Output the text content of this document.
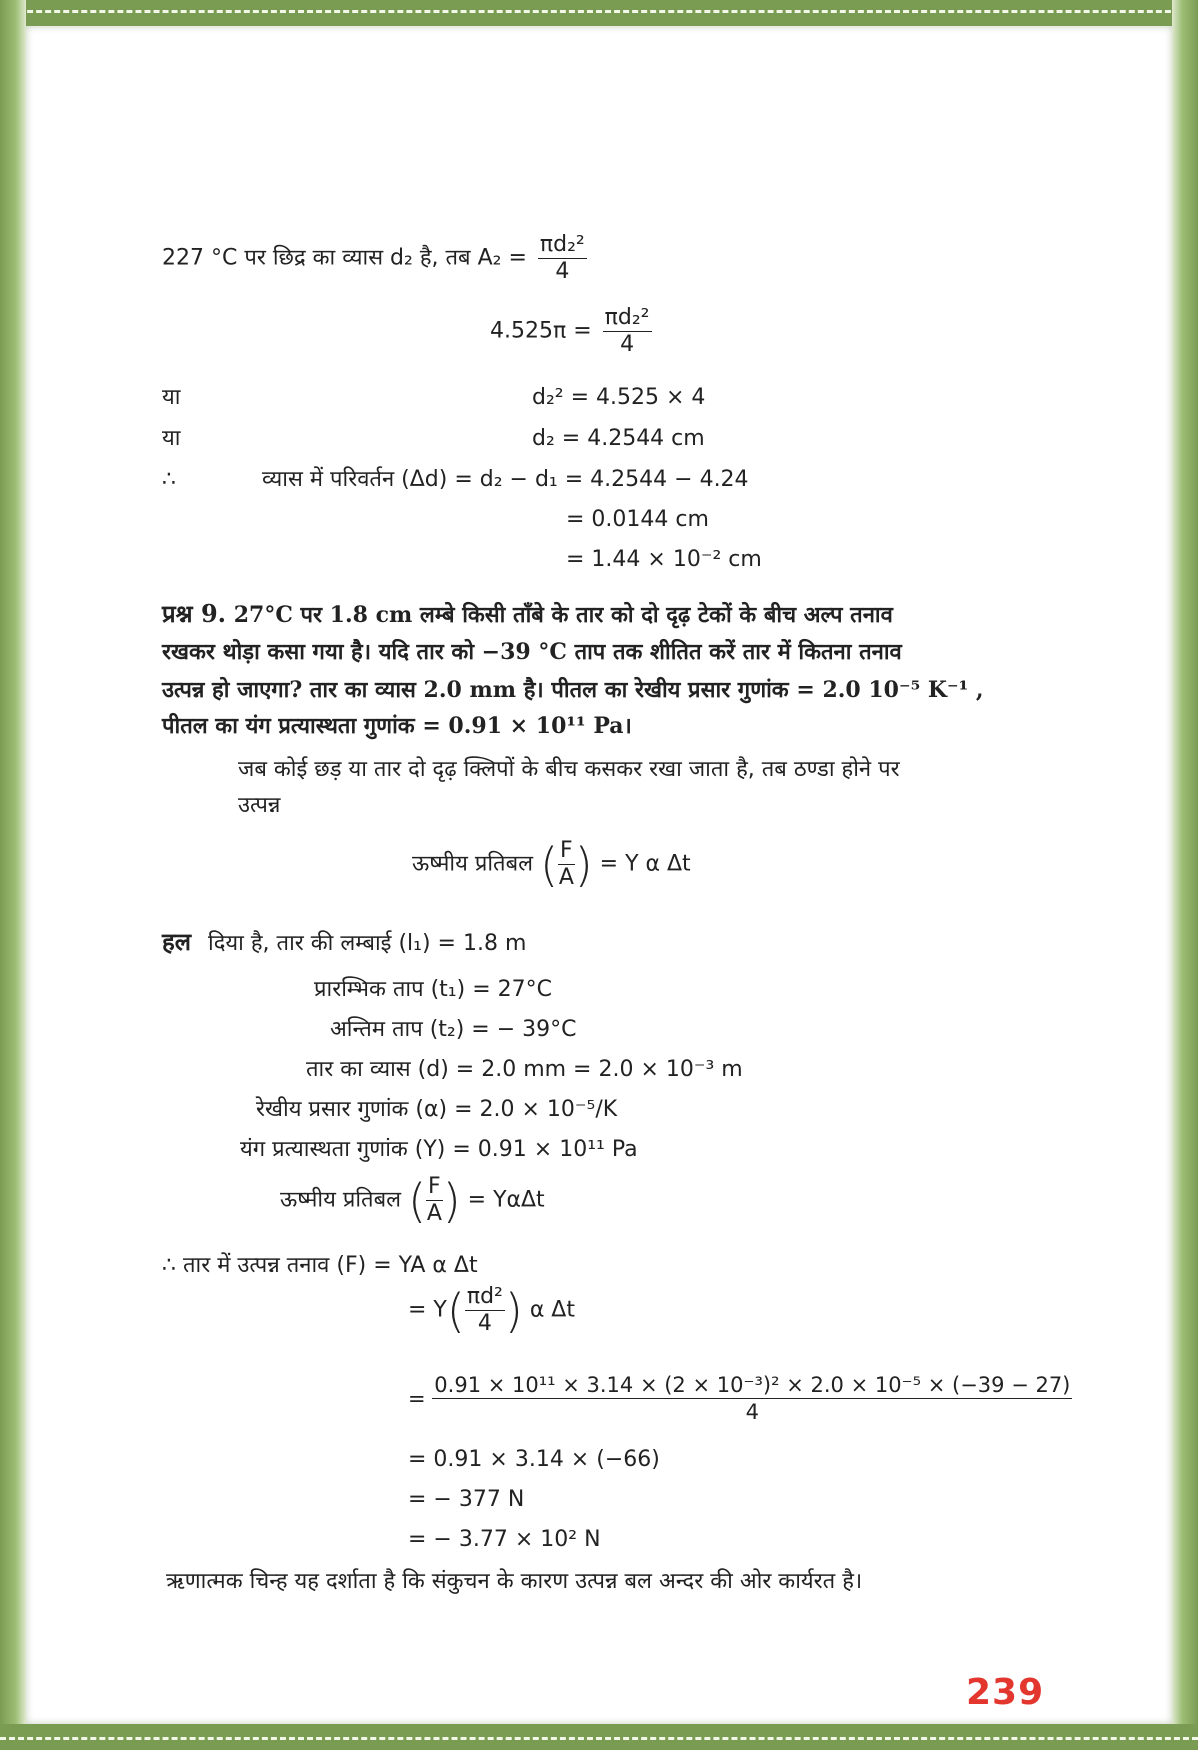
227 °C पर छिद्र का व्यास d₂ है, तब $A_2 = \frac{\text{πd₂²}}{4}$
$4.525\pi = \frac{\text{πd₂²}}{4}$
या	d₂² = 4.525 × 4
या	d₂ = 4.2544 cm
∴	व्यास में परिवर्तन (Δd) = d₂ − d₁ = 4.2544 − 4.24
= 0.0144 cm
= 1.44 × 10⁻² cm
प्रश्न 9. 27°C पर 1.8 cm लम्बे किसी ताँबे के तार को दो दृढ़ टेकों के बीच अल्प तनाव
रखकर थोड़ा कसा गया है। यदि तार को −39 °C ताप तक शीतित करें तार में कितना तनाव
उत्पन्न हो जाएगा? तार का व्यास 2.0 mm है। पीतल का रेखीय प्रसार गुणांक = 2.0 10⁻⁵ K⁻¹ ,
पीतल का यंग प्रत्यास्थता गुणांक = 0.91 × 10¹¹ Pa।
जब कोई छड़ या तार दो दृढ़ क्लिपों के बीच कसकर रखा जाता है, तब ठण्डा होने पर
उत्पन्न
ऊष्मीय प्रतिबल ( $\frac{F}{A}$ ) = Y α Δt
हल दिया है, तार की लम्बाई (l₁) = 1.8 m
प्रारम्भिक ताप (t₁) = 27°C
अन्तिम ताप (t₂) = − 39°C
तार का व्यास (d) = 2.0 mm = 2.0 × 10⁻³ m
रेखीय प्रसार गुणांक (α) = 2.0 × 10⁻⁵/K
यंग प्रत्यास्थता गुणांक (Y) = 0.91 × 10¹¹ Pa
ऊष्मीय प्रतिबल ( $\frac{F}{A}$ ) = YαΔt
∴ तार में उत्पन्न तनाव (F) = YA α Δt
= $Y( \frac{\text{πd²}}{4}$ ) α Δt
= $\frac{\text{0.91 × 10¹¹ × 3.14 × (2 × 10⁻³)² × 2.0 × 10⁻⁵ × (−39 − 27)}}{4}$
= 0.91 × 3.14 × (−66)
= − 377 N
= − 3.77 × 10² N
ऋणात्मक चिन्ह यह दर्शाता है कि संकुचन के कारण उत्पन्न बल अन्दर की ओर कार्यरत है।
239
